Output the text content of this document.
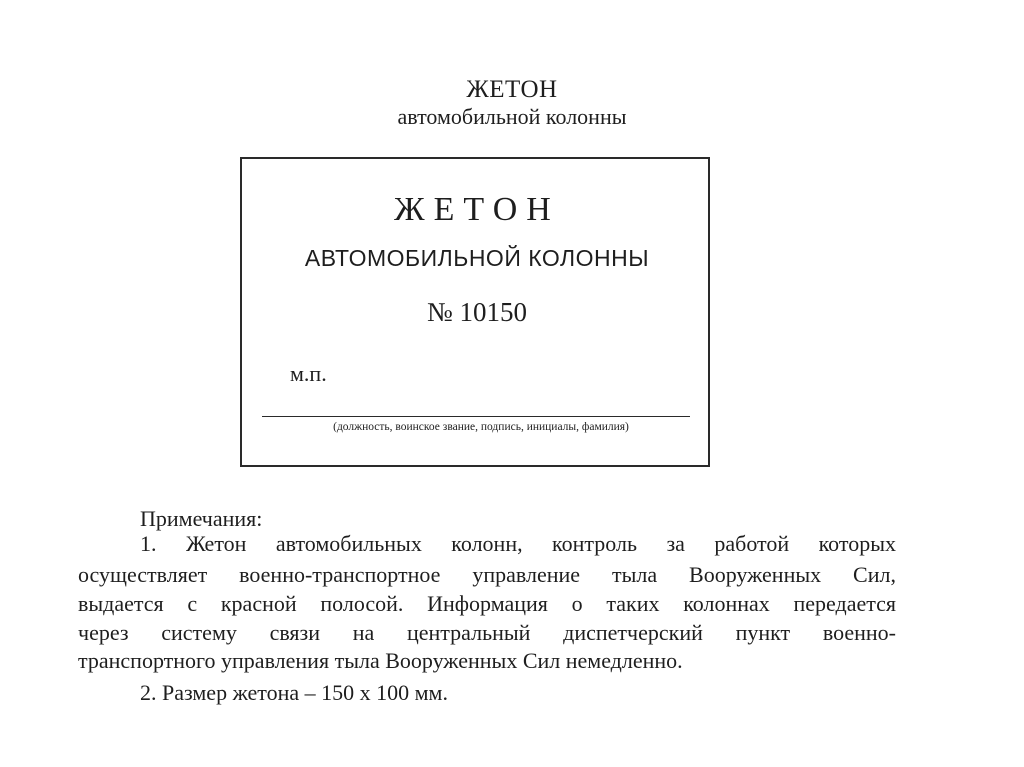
ЖЕТОН
автомобильной колонны
ЖЕТОН
АВТОМОБИЛЬНОЙ КОЛОННЫ
№ 10150
м.п.
(должность, воинское звание, подпись, инициалы, фамилия)
Примечания:
1. Жетон автомобильных колонн, контроль за работой которых
осуществляет военно-транспортное управление тыла Вооруженных Сил,
выдается с красной полосой. Информация о таких колоннах передается
через систему связи на центральный диспетчерский пункт военно-
транспортного управления тыла Вооруженных Сил немедленно.
2. Размер жетона – 150 х 100 мм.
